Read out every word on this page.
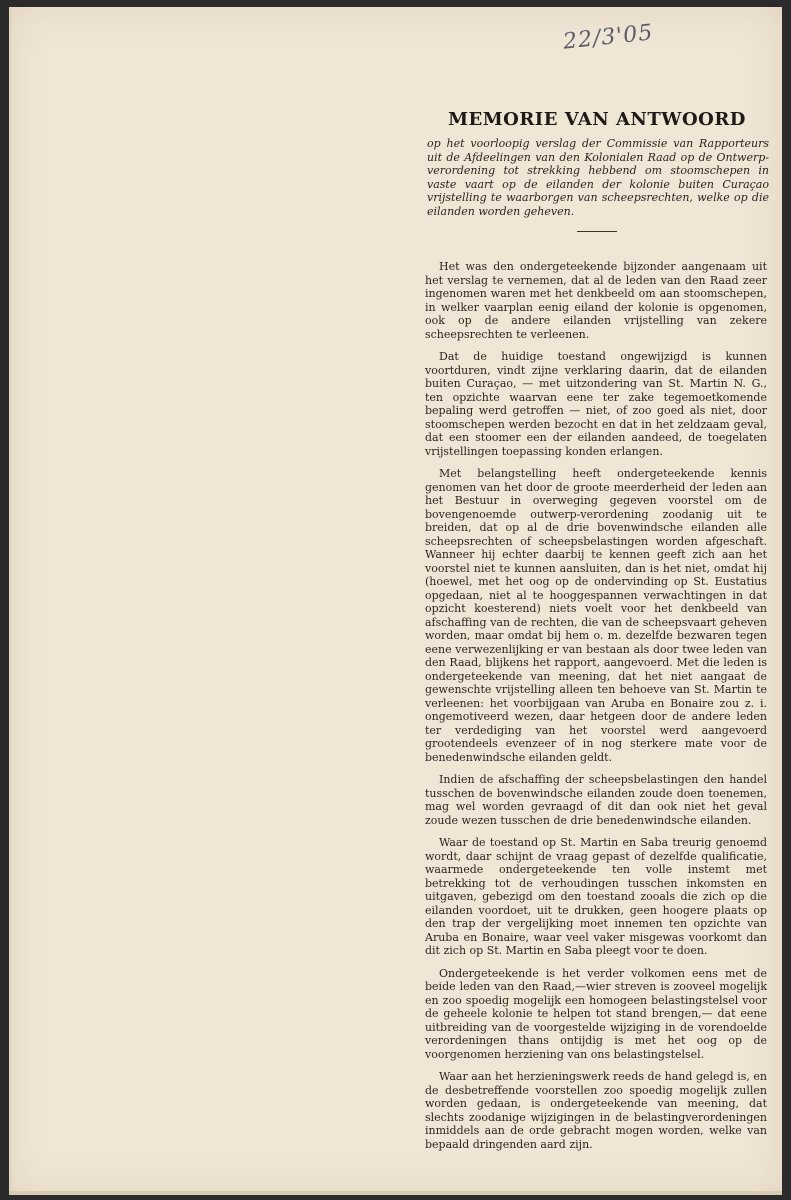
22/3'05
MEMORIE VAN ANTWOORD
op het voorloopig verslag der Commissie van Rapporteurs uit de Afdeelingen van den Kolonialen Raad op de Ontwerp-verordening tot strekking hebbend om stoomschepen in vaste vaart op de eilanden der kolonie buiten Curaçao vrijstelling te waarborgen van scheepsrechten, welke op die eilanden worden geheven.

Het was den ondergeteekende bijzonder aangenaam uit het verslag te vernemen, dat al de leden van den Raad zeer ingenomen waren met het denkbeeld om aan stoomschepen, in welker vaarplan eenig eiland der kolonie is opgenomen, ook op de andere eilanden vrijstelling van zekere scheepsrechten te verleenen.

Dat de huidige toestand ongewijzigd is kunnen voortduren, vindt zijne verklaring daarin, dat de eilanden buiten Curaçao, — met uitzondering van St. Martin N. G., ten opzichte waarvan eene ter zake tegemoetkomende bepaling werd getroffen — niet, of zoo goed als niet, door stoomschepen werden bezocht en dat in het zeldzaam geval, dat een stoomer een der eilanden aandeed, de toegelaten vrijstellingen toepassing konden erlangen.

Met belangstelling heeft ondergeteekende kennis genomen van het door de groote meerderheid der leden aan het Bestuur in overweging gegeven voorstel om de bovengenoemde outwerp-verordening zoodanig uit te breiden, dat op al de drie bovenwindsche eilanden alle scheepsrechten of scheepsbelastingen worden afgeschaft. Wanneer hij echter daarbij te kennen geeft zich aan het voorstel niet te kunnen aansluiten, dan is het niet, omdat hij (hoewel, met het oog op de ondervinding op St. Eustatius opgedaan, niet al te hooggespannen verwachtingen in dat opzicht koesterend) niets voelt voor het denkbeeld van afschaffing van de rechten, die van de scheepsvaart geheven worden, maar omdat bij hem o. m. dezelfde bezwaren tegen eene verwezenlijking er van bestaan als door twee leden van den Raad, blijkens het rapport, aangevoerd. Met die leden is ondergeteekende van meening, dat het niet aangaat de gewenschte vrijstelling alleen ten behoeve van St. Martin te verleenen: het voorbijgaan van Aruba en Bonaire zou z. i. ongemotiveerd wezen, daar hetgeen door de andere leden ter verdediging van het voorstel werd aangevoerd grootendeels evenzeer of in nog sterkere mate voor de benedenwindsche eilanden geldt.

Indien de afschaffing der scheepsbelastingen den handel tusschen de bovenwindsche eilanden zoude doen toenemen, mag wel worden gevraagd of dit dan ook niet het geval zoude wezen tusschen de drie benedenwindsche eilanden.

Waar de toestand op St. Martin en Saba treurig genoemd wordt, daar schijnt de vraag gepast of dezelfde qualificatie, waarmede ondergeteekende ten volle instemt met betrekking tot de verhoudingen tusschen inkomsten en uitgaven, gebezigd om den toestand zooals die zich op die eilanden voordoet, uit te drukken, geen hoogere plaats op den trap der vergelijking moet innemen ten opzichte van Aruba en Bonaire, waar veel vaker misgewas voorkomt dan dit zich op St. Martin en Saba pleegt voor te doen.

Ondergeteekende is het verder volkomen eens met de beide leden van den Raad,—wier streven is zooveel mogelijk en zoo spoedig mogelijk een homogeen belastingstelsel voor de geheele kolonie te helpen tot stand brengen,— dat eene uitbreiding van de voorgestelde wijziging in de vorendoelde verordeningen thans ontijdig is met het oog op de voorgenomen herziening van ons belastingstelsel.

Waar aan het herzieningswerk reeds de hand gelegd is, en de desbetreffende voorstellen zoo spoedig mogelijk zullen worden gedaan, is ondergeteekende van meening, dat slechts zoodanige wijzigingen in de belastingverordeningen inmiddels aan de orde gebracht mogen worden, welke van bepaald dringenden aard zijn.
